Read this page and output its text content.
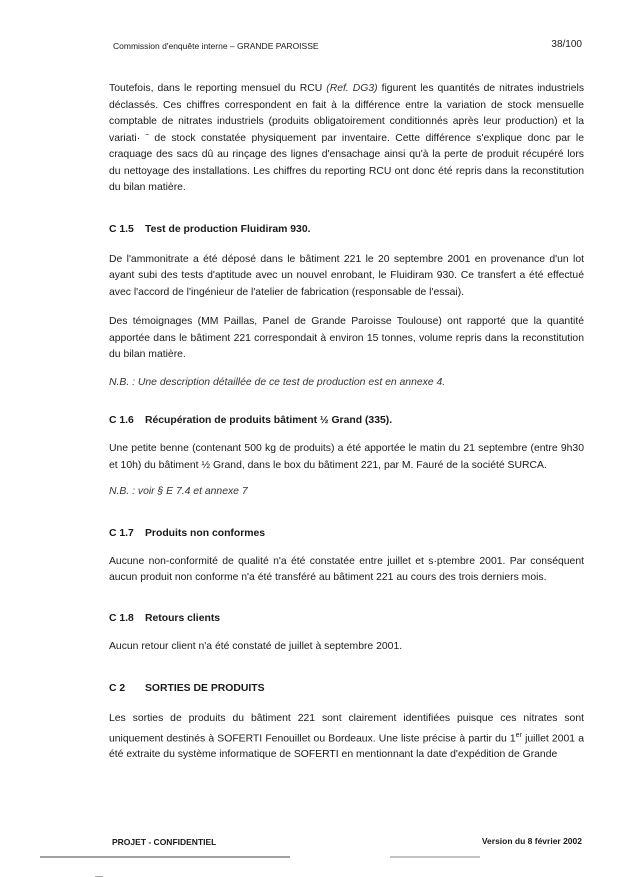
Commission d'enquête interne – GRANDE PAROISSE	38/100

Toutefois, dans le reporting mensuel du RCU (Ref. DG3) figurent les quantités de nitrates industriels déclassés. Ces chiffres correspondent en fait à la différence entre la variation de stock mensuelle comptable de nitrates industriels (produits obligatoirement conditionnés après leur production) et la variati· ˉ de stock constatée physiquement par inventaire. Cette différence s'explique donc par le craquage des sacs dû au rinçage des lignes d'ensachage ainsi qu'à la perte de produit récupéré lors du nettoyage des installations. Les chiffres du reporting RCU ont donc été repris dans la reconstitution du bilan matière.

C 1.5 Test de production Fluidiram 930.

De l'ammonitrate a été déposé dans le bâtiment 221 le 20 septembre 2001 en provenance d'un lot ayant subi des tests d'aptitude avec un nouvel enrobant, le Fluidiram 930. Ce transfert a été effectué avec l'accord de l'ingénieur de l'atelier de fabrication (responsable de l'essai).

Des témoignages (MM Paillas, Panel de Grande Paroisse Toulouse) ont rapporté que la quantité apportée dans le bâtiment 221 correspondait à environ 15 tonnes, volume repris dans la reconstitution du bilan matière.

N.B. : Une description détaillée de ce test de production est en annexe 4.

C 1.6 Récupération de produits bâtiment ½ Grand (335).

Une petite benne (contenant 500 kg de produits) a été apportée le matin du 21 septembre (entre 9h30 et 10h) du bâtiment ½ Grand, dans le box du bâtiment 221, par M. Fauré de la société SURCA.

N.B. : voir § E 7.4 et annexe 7

C 1.7 Produits non conformes

Aucune non-conformité de qualité n'a été constatée entre juillet et s·ptembre 2001. Par conséquent aucun produit non conforme n'a été transféré au bâtiment 221 au cours des trois derniers mois.

C 1.8 Retours clients

Aucun retour client n'a été constaté de juillet à septembre 2001.

C 2 SORTIES DE PRODUITS

Les sorties de produits du bâtiment 221 sont clairement identifiées puisque ces nitrates sont uniquement destinés à SOFERTI Fenouillet ou Bordeaux. Une liste précise à partir du 1er juillet 2001 a été extraite du système informatique de SOFERTI en mentionnant la date d'expédition de Grande

PROJET - CONFIDENTIEL	Version du 8 février 2002
